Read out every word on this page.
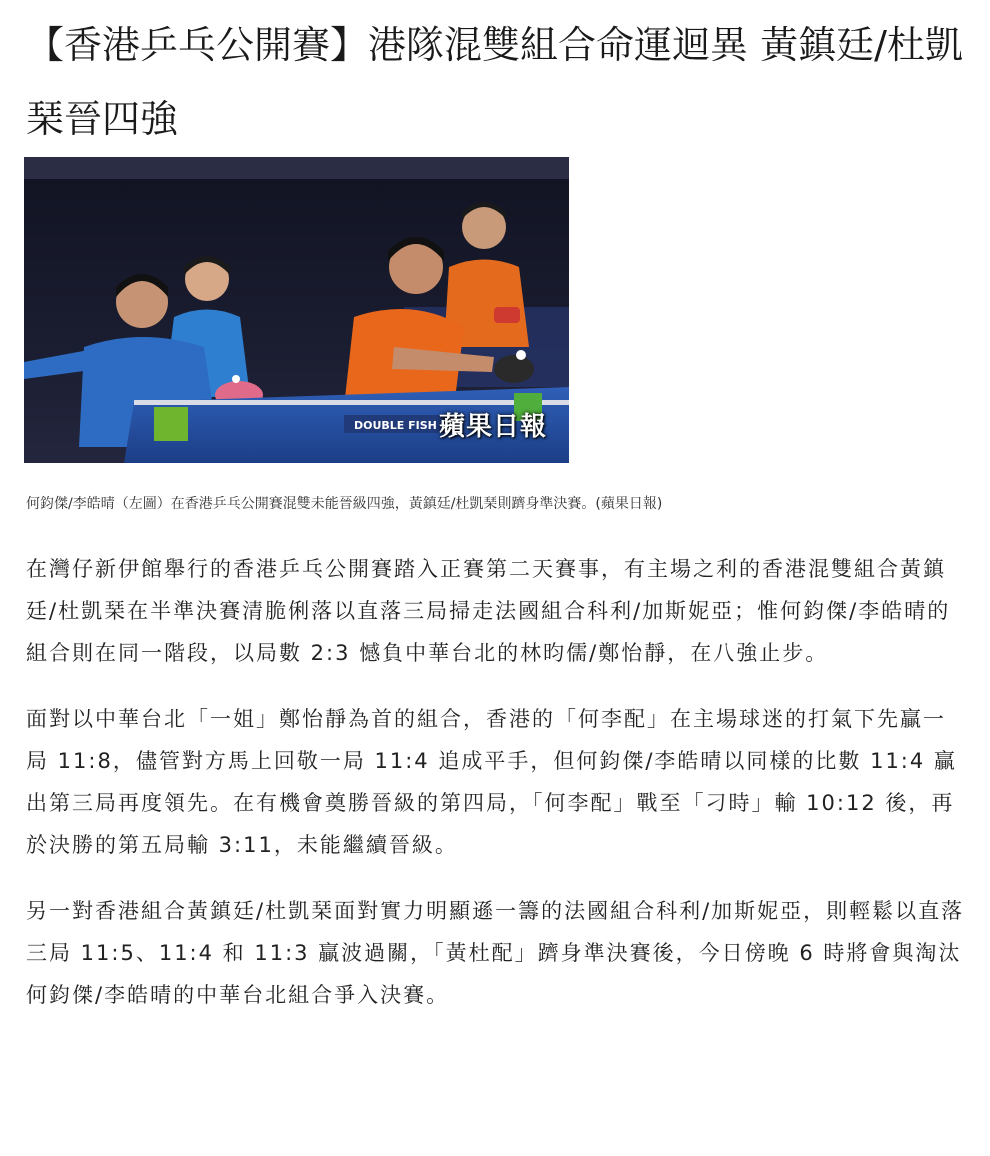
【香港乒乓公開賽】港隊混雙組合命運迴異 黃鎮廷/杜凱琹晉四強
DOUBLE FISH 蘋果日報

何鈞傑/李皓晴（左圖）在香港乒乓公開賽混雙未能晉級四強，黃鎮廷/杜凱琹則躋身準決賽。(蘋果日報)

在灣仔新伊館舉行的香港乒乓公開賽踏入正賽第二天賽事，有主場之利的香港混雙組合黃鎮廷/杜凱琹在半準決賽清脆俐落以直落三局掃走法國組合科利/加斯妮亞；惟何鈞傑/李皓晴的組合則在同一階段，以局數 2:3 憾負中華台北的林昀儒/鄭怡靜，在八強止步。

面對以中華台北「一姐」鄭怡靜為首的組合，香港的「何李配」在主場球迷的打氣下先贏一局 11:8，儘管對方馬上回敬一局 11:4 追成平手，但何鈞傑/李皓晴以同樣的比數 11:4 贏出第三局再度領先。在有機會奠勝晉級的第四局，「何李配」戰至「刁時」輸 10:12 後，再於決勝的第五局輸 3:11，未能繼續晉級。

另一對香港組合黃鎮廷/杜凱琹面對實力明顯遜一籌的法國組合科利/加斯妮亞，則輕鬆以直落三局 11:5、11:4 和 11:3 贏波過關，「黃杜配」躋身準決賽後，今日傍晚 6 時將會與淘汰何鈞傑/李皓晴的中華台北組合爭入決賽。
